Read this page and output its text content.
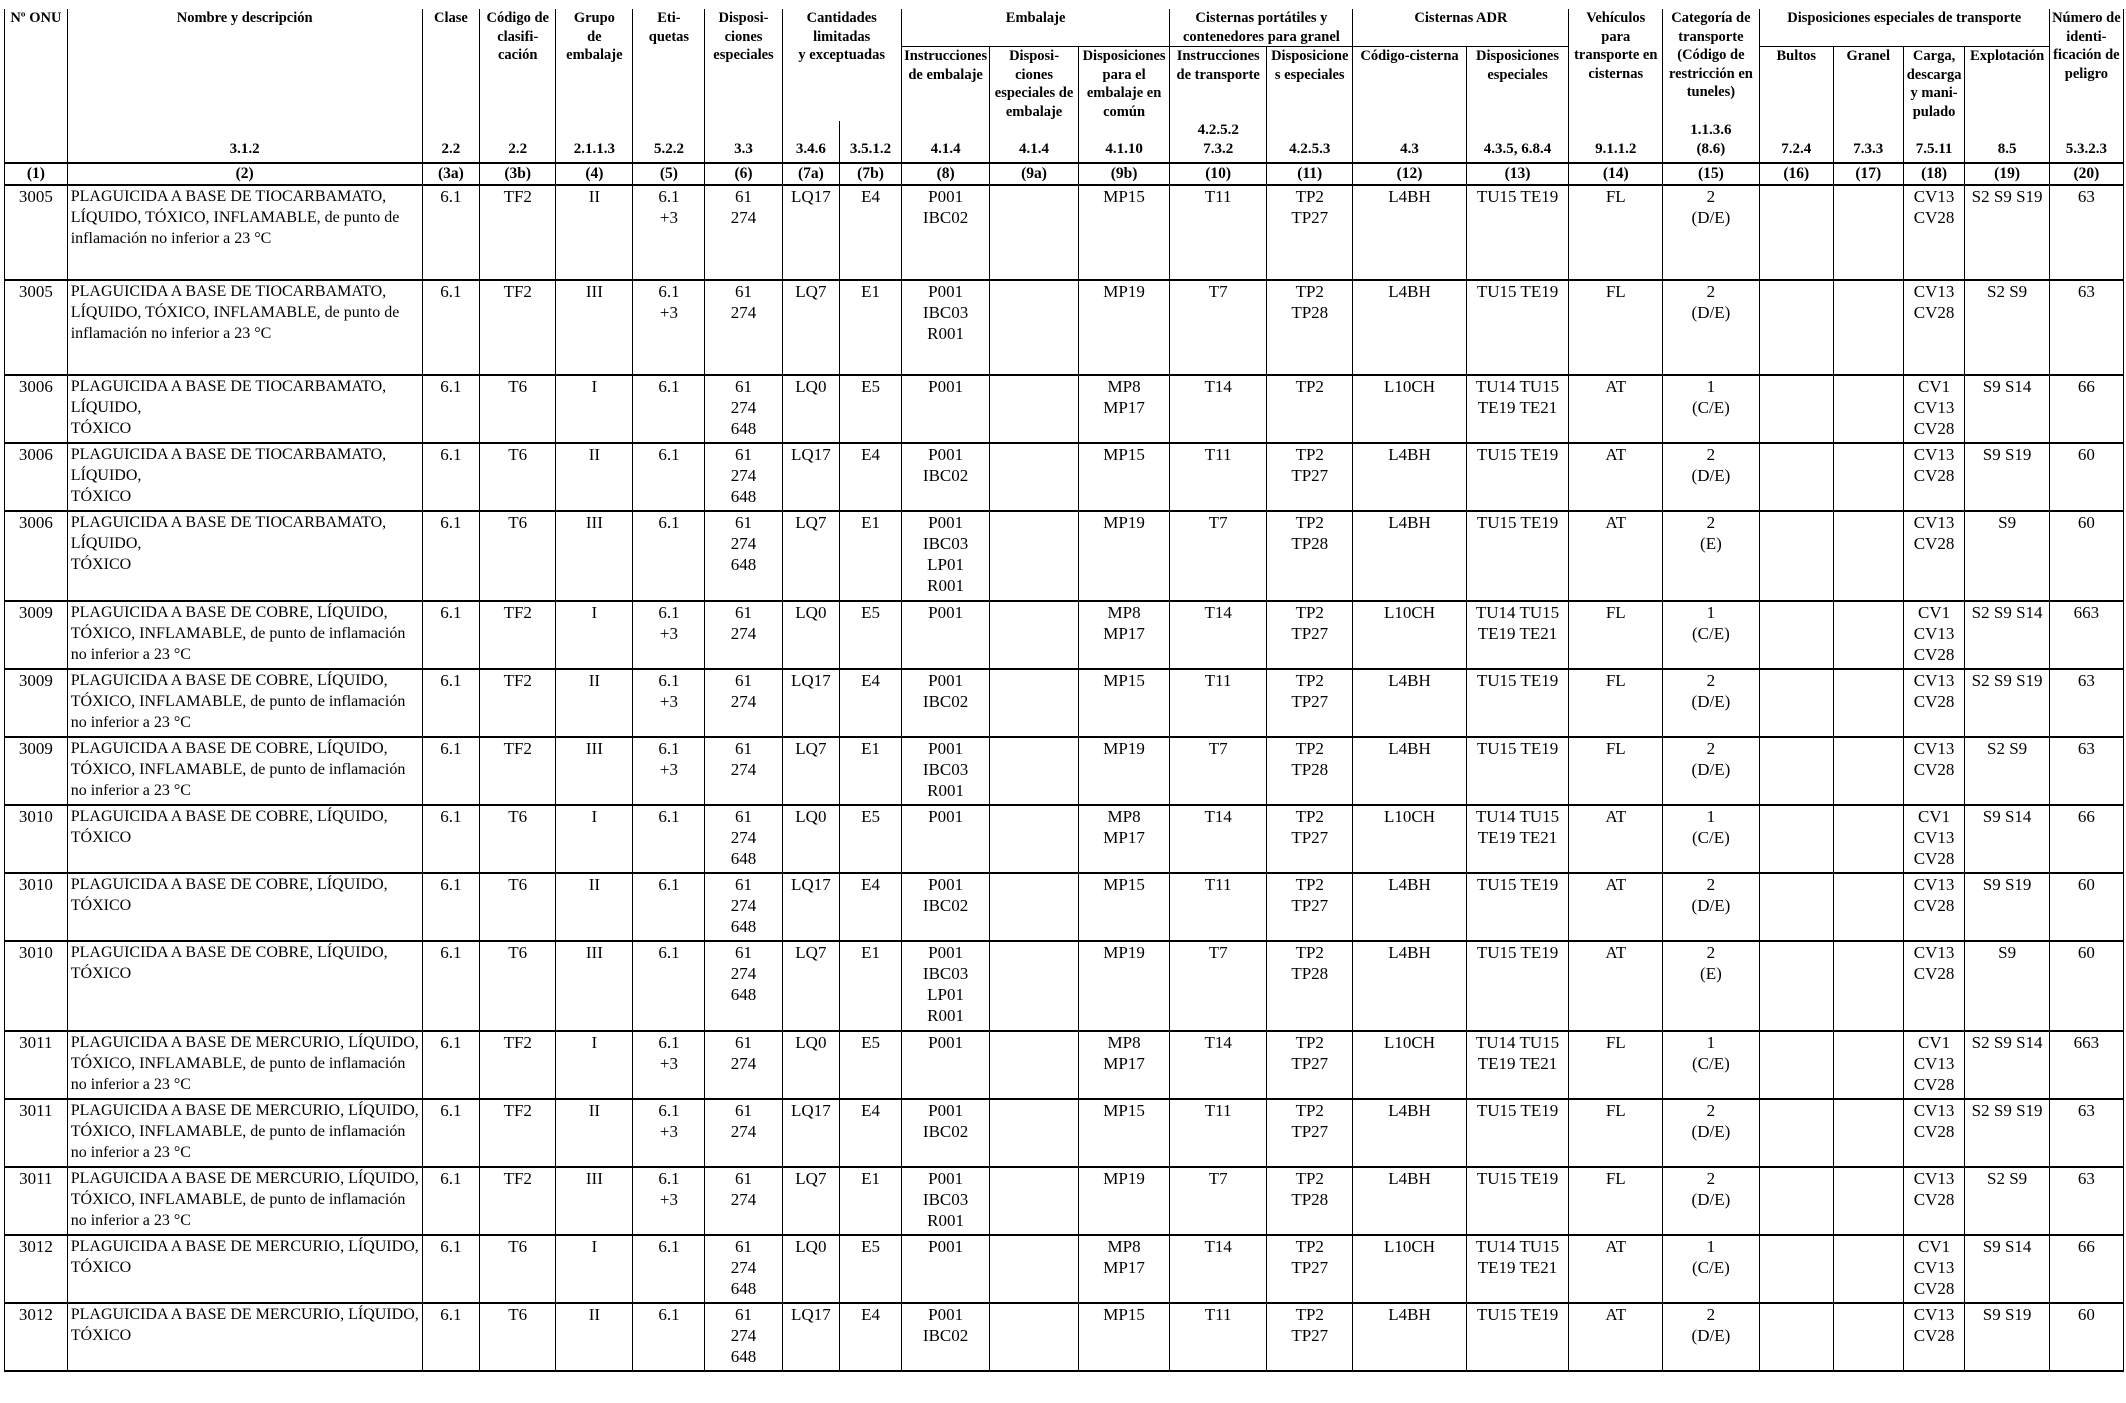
Nº ONU	Nombre y descripción	Clase	Código de
clasifi-
cación	Grupo
de
embalaje	Eti-
quetas	Disposi-
ciones
especiales	Cantidades limitadas
y exceptuadas		Embalaje			Cisternas portátiles y
contenedores para granel		Cisternas ADR		Vehículos
para
transporte en
cisternas	Categoría de
transporte
(Código de
restricción en
tuneles)	Disposiciones especiales de transporte				Número de
identi-
ficación de
peligro

									Instrucciones
de embalaje	Disposi-
ciones
especiales de
embalaje	Disposiciones
para el
embalaje en
común	Instrucciones
de transporte	Disposicione
s especiales	Código-cisterna	Disposiciones
especiales			Bultos	Granel	Carga,
descarga
y mani-
pulado	Explotación	

	3.1.2	2.2	2.2	2.1.1.3	5.2.2	3.3	3.4.6	3.5.1.2	4.1.4	4.1.4	4.1.10	4.2.5.2
7.3.2	4.2.5.3	4.3	4.3.5, 6.8.4	9.1.1.2	1.1.3.6
(8.6)	7.2.4	7.3.3	7.5.11	8.5	5.3.2.3
(1)	(2)	(3a)	(3b)	(4)	(5)	(6)	(7a)	(7b)	(8)	(9a)	(9b)	(10)	(11)	(12)	(13)	(14)	(15)	(16)	(17)	(18)	(19)	(20)
3005	PLAGUICIDA A BASE DE TIOCARBAMATO, LÍQUIDO, TÓXICO, INFLAMABLE, de punto de inflamación no inferior a 23 °C	6.1	TF2	II	6.1
+3	61
274	LQ17	E4	P001
IBC02		MP15	T11	TP2
TP27	L4BH	TU15 TE19	FL	2
(D/E)			CV13
CV28	S2 S9 S19	63
3005	PLAGUICIDA A BASE DE TIOCARBAMATO, LÍQUIDO, TÓXICO, INFLAMABLE, de punto de inflamación no inferior a 23 °C	6.1	TF2	III	6.1
+3	61
274	LQ7	E1	P001
IBC03
R001		MP19	T7	TP2
TP28	L4BH	TU15 TE19	FL	2
(D/E)			CV13
CV28	S2 S9	63
3006	PLAGUICIDA A BASE DE TIOCARBAMATO, LÍQUIDO,
TÓXICO	6.1	T6	I	6.1	61
274
648	LQ0	E5	P001		MP8
MP17	T14	TP2	L10CH	TU14 TU15
TE19 TE21	AT	1
(C/E)			CV1
CV13
CV28	S9 S14	66
3006	PLAGUICIDA A BASE DE TIOCARBAMATO, LÍQUIDO,
TÓXICO	6.1	T6	II	6.1	61
274
648	LQ17	E4	P001
IBC02		MP15	T11	TP2
TP27	L4BH	TU15 TE19	AT	2
(D/E)			CV13
CV28	S9 S19	60
3006	PLAGUICIDA A BASE DE TIOCARBAMATO, LÍQUIDO,
TÓXICO	6.1	T6	III	6.1	61
274
648	LQ7	E1	P001
IBC03
LP01
R001		MP19	T7	TP2
TP28	L4BH	TU15 TE19	AT	2
(E)			CV13
CV28	S9	60
3009	PLAGUICIDA A BASE DE COBRE, LÍQUIDO, TÓXICO, INFLAMABLE, de punto de inflamación no inferior a 23 °C	6.1	TF2	I	6.1
+3	61
274	LQ0	E5	P001		MP8
MP17	T14	TP2
TP27	L10CH	TU14 TU15
TE19 TE21	FL	1
(C/E)			CV1
CV13
CV28	S2 S9 S14	663
3009	PLAGUICIDA A BASE DE COBRE, LÍQUIDO, TÓXICO, INFLAMABLE, de punto de inflamación no inferior a 23 °C	6.1	TF2	II	6.1
+3	61
274	LQ17	E4	P001
IBC02		MP15	T11	TP2
TP27	L4BH	TU15 TE19	FL	2
(D/E)			CV13
CV28	S2 S9 S19	63
3009	PLAGUICIDA A BASE DE COBRE, LÍQUIDO, TÓXICO, INFLAMABLE, de punto de inflamación no inferior a 23 °C	6.1	TF2	III	6.1
+3	61
274	LQ7	E1	P001
IBC03
R001		MP19	T7	TP2
TP28	L4BH	TU15 TE19	FL	2
(D/E)			CV13
CV28	S2 S9	63
3010	PLAGUICIDA A BASE DE COBRE, LÍQUIDO, TÓXICO	6.1	T6	I	6.1	61
274
648	LQ0	E5	P001		MP8
MP17	T14	TP2
TP27	L10CH	TU14 TU15
TE19 TE21	AT	1
(C/E)			CV1
CV13
CV28	S9 S14	66
3010	PLAGUICIDA A BASE DE COBRE, LÍQUIDO, TÓXICO	6.1	T6	II	6.1	61
274
648	LQ17	E4	P001
IBC02		MP15	T11	TP2
TP27	L4BH	TU15 TE19	AT	2
(D/E)			CV13
CV28	S9 S19	60
3010	PLAGUICIDA A BASE DE COBRE, LÍQUIDO, TÓXICO	6.1	T6	III	6.1	61
274
648	LQ7	E1	P001
IBC03
LP01
R001		MP19	T7	TP2
TP28	L4BH	TU15 TE19	AT	2
(E)			CV13
CV28	S9	60
3011	PLAGUICIDA A BASE DE MERCURIO, LÍQUIDO, TÓXICO, INFLAMABLE, de punto de inflamación no inferior a 23 °C	6.1	TF2	I	6.1
+3	61
274	LQ0	E5	P001		MP8
MP17	T14	TP2
TP27	L10CH	TU14 TU15
TE19 TE21	FL	1
(C/E)			CV1
CV13
CV28	S2 S9 S14	663
3011	PLAGUICIDA A BASE DE MERCURIO, LÍQUIDO, TÓXICO, INFLAMABLE, de punto de inflamación no inferior a 23 °C	6.1	TF2	II	6.1
+3	61
274	LQ17	E4	P001
IBC02		MP15	T11	TP2
TP27	L4BH	TU15 TE19	FL	2
(D/E)			CV13
CV28	S2 S9 S19	63
3011	PLAGUICIDA A BASE DE MERCURIO, LÍQUIDO, TÓXICO, INFLAMABLE, de punto de inflamación no inferior a 23 °C	6.1	TF2	III	6.1
+3	61
274	LQ7	E1	P001
IBC03
R001		MP19	T7	TP2
TP28	L4BH	TU15 TE19	FL	2
(D/E)			CV13
CV28	S2 S9	63
3012	PLAGUICIDA A BASE DE MERCURIO, LÍQUIDO, TÓXICO	6.1	T6	I	6.1	61
274
648	LQ0	E5	P001		MP8
MP17	T14	TP2
TP27	L10CH	TU14 TU15
TE19 TE21	AT	1
(C/E)			CV1
CV13
CV28	S9 S14	66
3012	PLAGUICIDA A BASE DE MERCURIO, LÍQUIDO, TÓXICO	6.1	T6	II	6.1	61
274
648	LQ17	E4	P001
IBC02		MP15	T11	TP2
TP27	L4BH	TU15 TE19	AT	2
(D/E)			CV13
CV28	S9 S19	60
